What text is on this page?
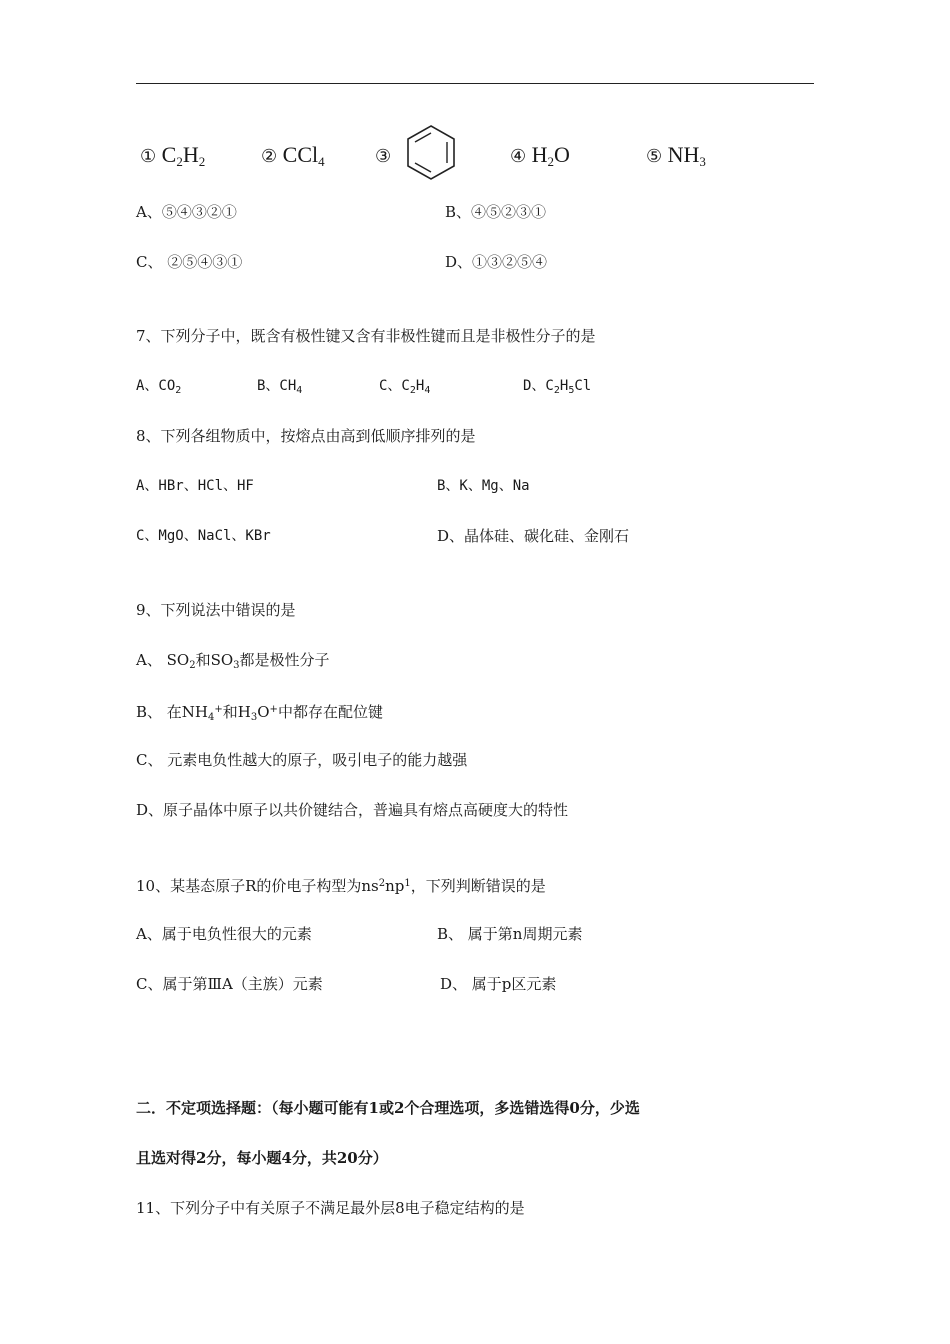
① $C_2H_2$	② CCl$_4$	③	④ $H_2O$	⑤ $NH_3$
A、⑤④③②①	B、④⑤②③①
C、 ②⑤④③①	D、①③②⑤④
7、下列分子中，既含有极性键又含有非极性键而且是非极性分子的是
A、$CO_2$	B、$CH_4$	C、$C_2H_4$	D、$C_2H_5Cl$
8、下列各组物质中，按熔点由高到低顺序排列的是
A、HBr、HCl、HF	B、K、Mg、Na
C、MgO、NaCl、KBr	D、晶体硅、碳化硅、金刚石
9、下列说法中错误的是
A、 $SO_2$和$SO_3$都是极性分子
B、 在$NH_4^+$和$H_3O^+$中都存在配位键
C、 元素电负性越大的原子，吸引电子的能力越强
D、原子晶体中原子以共价键结合，普遍具有熔点高硬度大的特性
10、某基态原子R的价电子构型为$ns^2np^1$，下列判断错误的是
A、属于电负性很大的元素	B、 属于第n周期元素
C、属于第ⅢA（主族）元素	D、 属于p区元素
二．不定项选择题：（每小题可能有1或2个合理选项，多选错选得0分，少选
且选对得2分，每小题4分，共20分）
11、下列分子中有关原子不满足最外层8电子稳定结构的是
